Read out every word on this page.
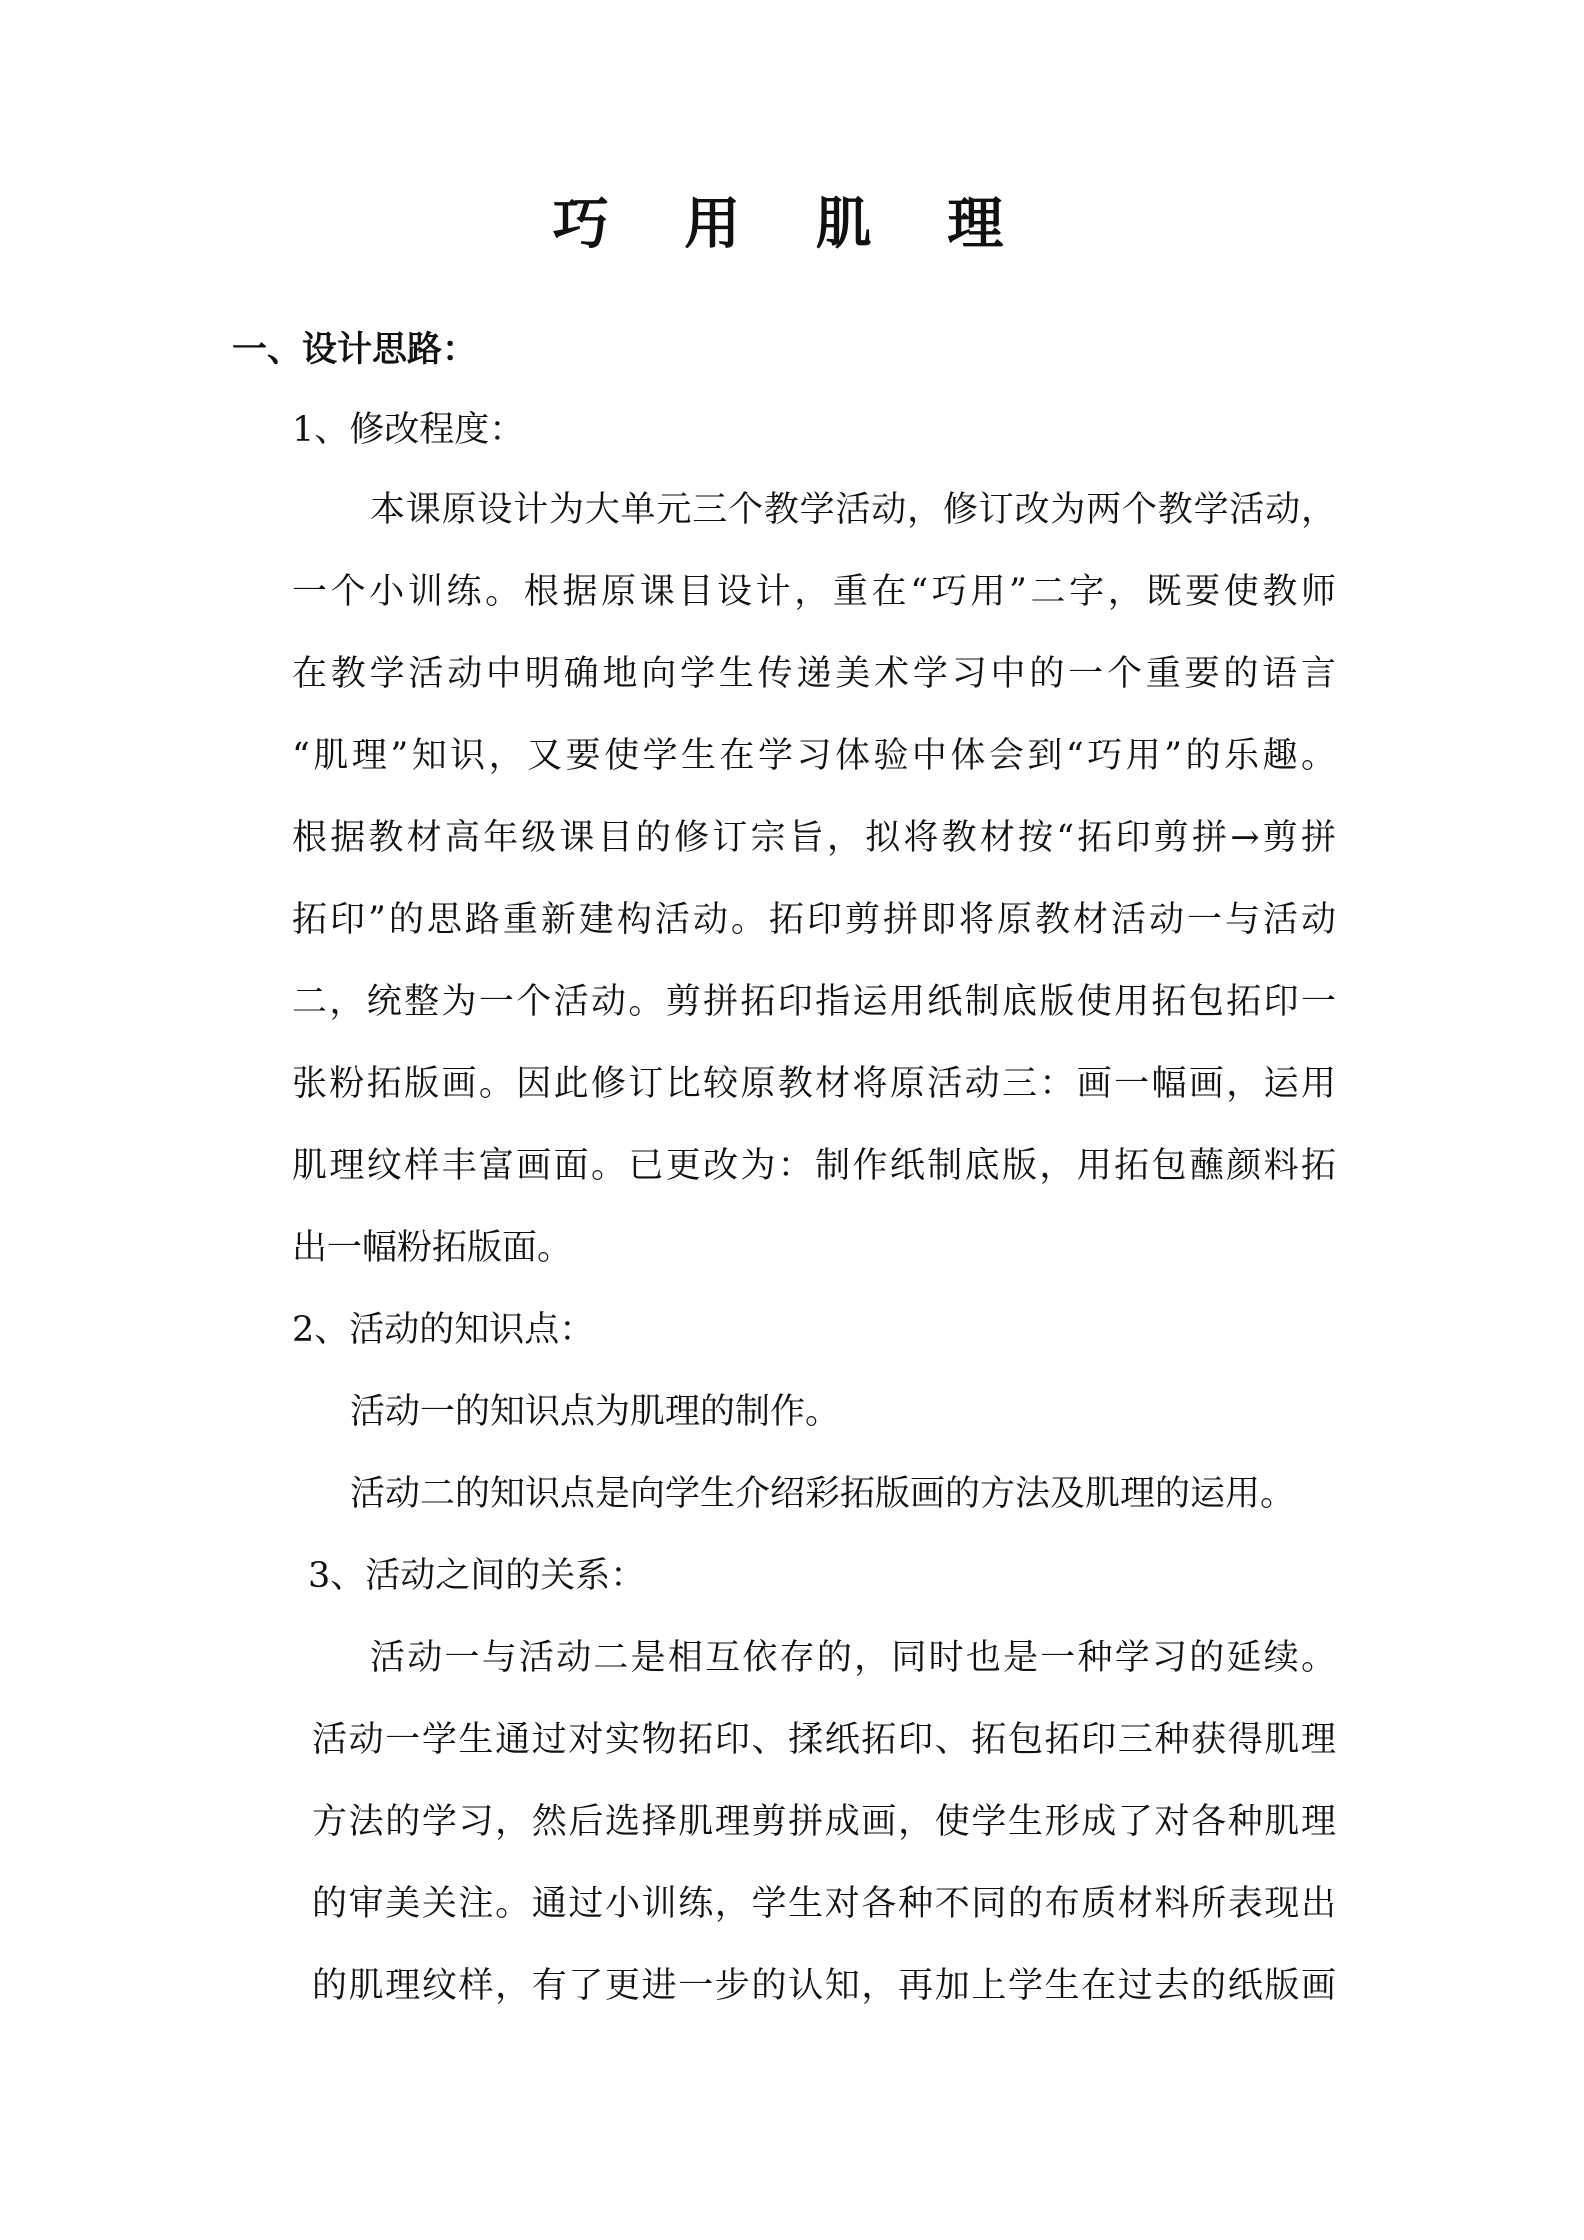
巧 用 肌 理
一、设计思路：
1、修改程度：
本课原设计为大单元三个教学活动，修订改为两个教学活动，
一个小训练。根据原课目设计，重在“巧用”二字，既要使教师
在教学活动中明确地向学生传递美术学习中的一个重要的语言
“肌理”知识，又要使学生在学习体验中体会到“巧用”的乐趣。
根据教材高年级课目的修订宗旨，拟将教材按“拓印剪拼→剪拼
拓印”的思路重新建构活动。拓印剪拼即将原教材活动一与活动
二，统整为一个活动。剪拼拓印指运用纸制底版使用拓包拓印一
张粉拓版画。因此修订比较原教材将原活动三：画一幅画，运用
肌理纹样丰富画面。已更改为：制作纸制底版，用拓包蘸颜料拓
出一幅粉拓版面。
2、活动的知识点：
活动一的知识点为肌理的制作。
活动二的知识点是向学生介绍彩拓版画的方法及肌理的运用。
3、活动之间的关系：
活动一与活动二是相互依存的，同时也是一种学习的延续。
活动一学生通过对实物拓印、揉纸拓印、拓包拓印三种获得肌理
方法的学习，然后选择肌理剪拼成画，使学生形成了对各种肌理
的审美关注。通过小训练，学生对各种不同的布质材料所表现出
的肌理纹样，有了更进一步的认知，再加上学生在过去的纸版画
